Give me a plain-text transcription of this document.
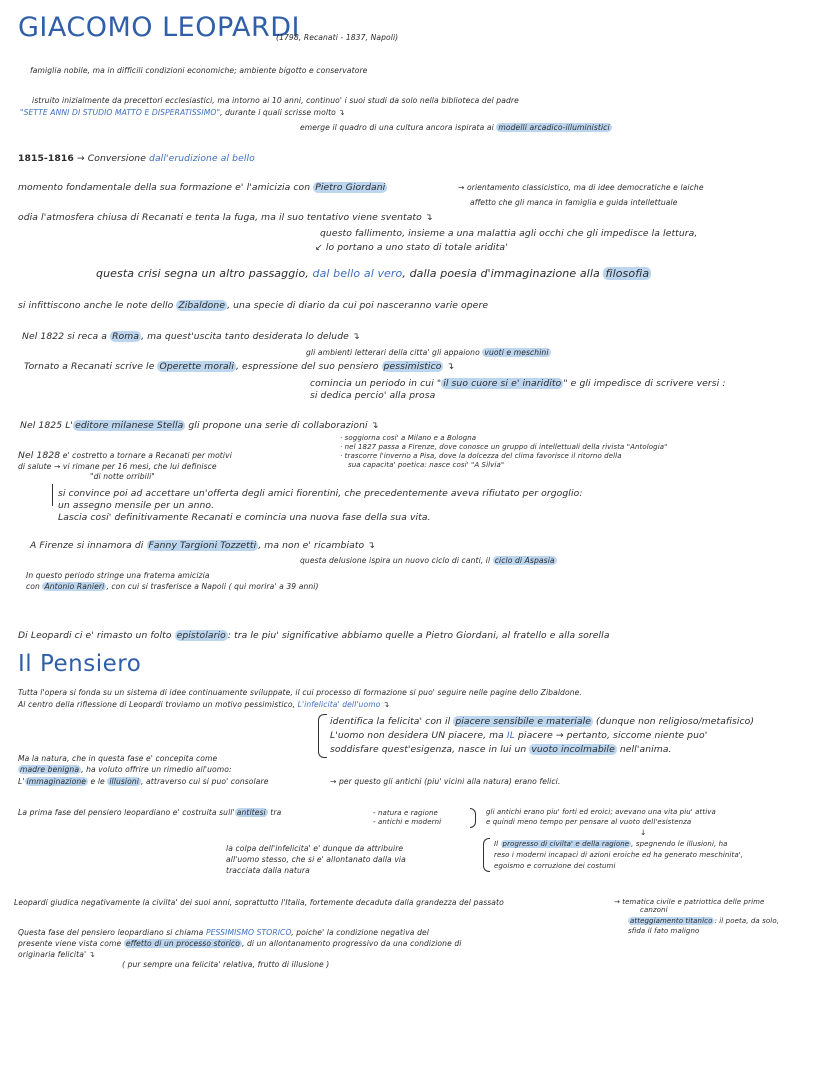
GIACOMO LEOPARDI
(1798, Recanati - 1837, Napoli)
famiglia nobile, ma in difficili condizioni economiche; ambiente bigotto e conservatore
istruito inizialmente da precettori ecclesiastici, ma intorno ai 10 anni, continuo' i suoi studi da solo nella biblioteca del padre
"SETTE ANNI DI STUDIO MATTO E DISPERATISSIMO", durante i quali scrisse molto ↴
emerge il quadro di una cultura ancora ispirata ai modelli arcadico-illuministici
1815-1816 → Conversione dall'erudizione al bello
momento fondamentale della sua formazione e' l'amicizia con Pietro Giordani	→ orientamento classicistico, ma di idee democratiche e laiche
affetto che gli manca in famiglia e guida intellettuale
odia l'atmosfera chiusa di Recanati e tenta la fuga, ma il suo tentativo viene sventato ↴
questo fallimento, insieme a una malattia agli occhi che gli impedisce la lettura,
↙ lo portano a uno stato di totale aridita'
questa crisi segna un altro passaggio, dal bello al vero, dalla poesia d'immaginazione alla filosofia
si infittiscono anche le note dello Zibaldone , una specie di diario da cui poi nasceranno varie opere
Nel 1822 si reca a Roma , ma quest'uscita tanto desiderata lo delude ↴
gli ambienti letterari della citta' gli appaiono vuoti e meschini
Tornato a Recanati scrive le Operette morali , espressione del suo pensiero pessimistico ↴
comincia un periodo in cui " il suo cuore si e' inaridito " e gli impedisce di scrivere versi :
si dedica percio' alla prosa
Nel 1825 L' editore milanese Stella gli propone una serie di collaborazioni ↴
· soggiorna cosi' a Milano e a Bologna
· nel 1827 passa a Firenze, dove conosce un gruppo di intellettuali della rivista "Antologia"
· trascorre l'inverno a Pisa, dove la dolcezza del clima favorisce il ritorno della
sua capacita' poetica: nasce cosi' "A Silvia"
Nel 1828 e' costretto a tornare a Recanati per motivi
di salute → vi rimane per 16 mesi, che lui definisce
"di notte orribili"
si convince poi ad accettare un'offerta degli amici fiorentini, che precedentemente aveva rifiutato per orgoglio:
un assegno mensile per un anno.
Lascia cosi' definitivamente Recanati e comincia una nuova fase della sua vita.
A Firenze si innamora di Fanny Targioni Tozzetti , ma non e' ricambiato ↴
questa delusione ispira un nuovo ciclo di canti, il ciclo di Aspasia
In questo periodo stringe una fraterna amicizia
con Antonio Ranieri , con cui si trasferisce a Napoli ( qui morira' a 39 anni)
Di Leopardi ci e' rimasto un folto epistolario : tra le piu' significative abbiamo quelle a Pietro Giordani, al fratello e alla sorella
Il Pensiero
Tutta l'opera si fonda su un sistema di idee continuamente sviluppate, il cui processo di formazione si puo' seguire nelle pagine dello Zibaldone.
Al centro della riflessione di Leopardi troviamo un motivo pessimistico, L'infelicita' dell'uomo ↴
identifica la felicita' con il piacere sensibile e materiale (dunque non religioso/metafisico)
L'uomo non desidera UN piacere, ma IL piacere → pertanto, siccome niente puo'
soddisfare quest'esigenza, nasce in lui un vuoto incolmabile nell'anima.
Ma la natura, che in questa fase e' concepita come
madre benigna , ha voluto offrire un rimedio all'uomo:
L' immaginazione e le illusioni , attraverso cui si puo' consolare	→ per questo gli antichi (piu' vicini alla natura) erano felici.
La prima fase del pensiero leopardiano e' costruita sull' antitesi tra	- natura e ragione
- antichi e moderni
gli antichi erano piu' forti ed eroici; avevano una vita piu' attiva
e quindi meno tempo per pensare al vuoto dell'esistenza
↓
la colpa dell'infelicita' e' dunque da attribuire
all'uomo stesso, che si e' allontanato dalla via
tracciata dalla natura
Il progresso di civilta' e della ragione , spegnendo le illusioni, ha
reso i moderni incapaci di azioni eroiche ed ha generato meschinita',
egoismo e corruzione dei costumi
Leopardi giudica negativamente la civilta' dei suoi anni, soprattutto l'Italia, fortemente decaduta dalla grandezza del passato	→ tematica civile e patriottica delle prime
canzoni
atteggiamento titanico : il poeta, da solo,
sfida il fato maligno
Questa fase del pensiero leopardiano si chiama PESSIMISMO STORICO, poiche' la condizione negativa del
presente viene vista come effetto di un processo storico , di un allontanamento progressivo da una condizione di
originaria felicita' ↴
( pur sempre una felicita' relativa, frutto di illusione )
